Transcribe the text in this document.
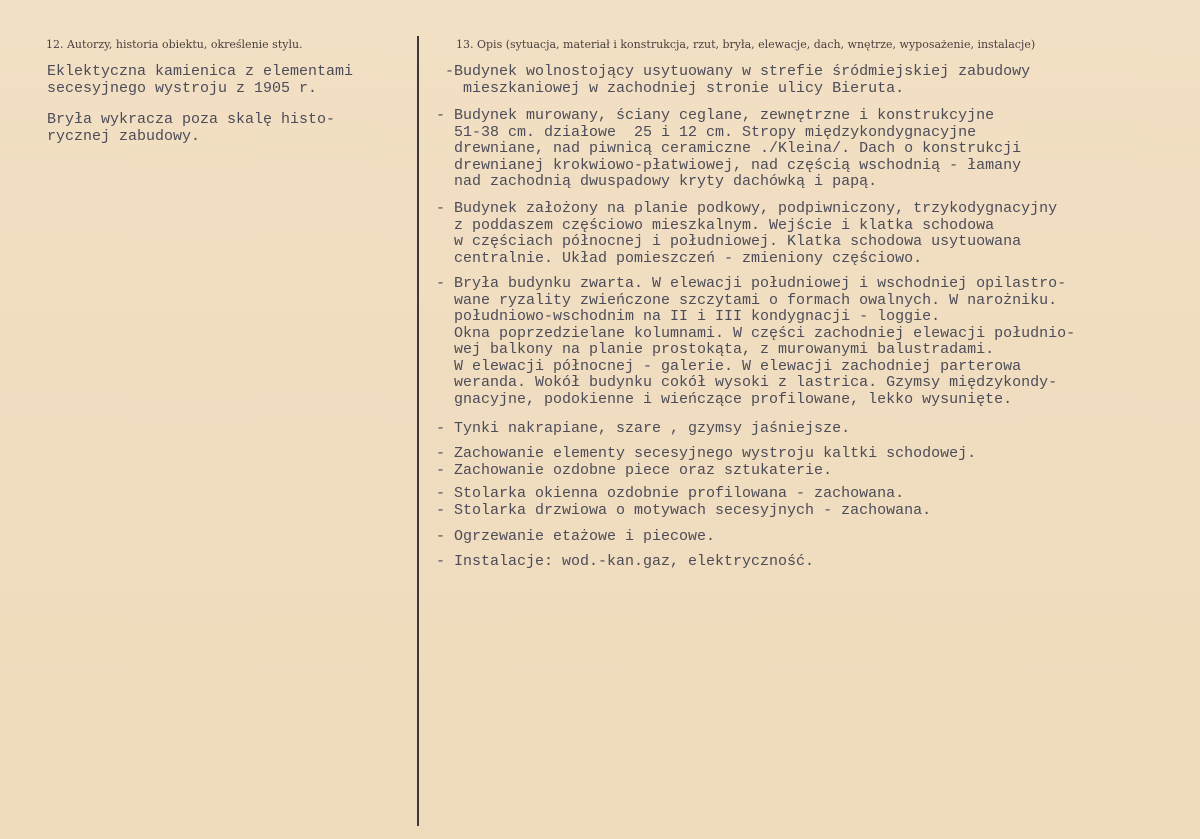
12. Autorzy, historia obiektu, określenie stylu.	13. Opis (sytuacja, materiał i konstrukcja, rzut, bryła, elewacje, dach, wnętrze, wyposażenie, instalacje)

Eklektyczna kamienica z elementami
secesyjnego wystroju z 1905 r.

Bryła wykracza poza skalę histo-
rycznej zabudowy.

-Budynek wolnostojący usytuowany w strefie śródmiejskiej zabudowy
mieszkaniowej w zachodniej stronie ulicy Bieruta.

- Budynek murowany, ściany ceglane, zewnętrzne i konstrukcyjne
51-38 cm. działowe  25 i 12 cm. Stropy międzykondygnacyjne
drewniane, nad piwnicą ceramiczne ./Kleina/. Dach o konstrukcji
drewnianej krokwiowo-płatwiowej, nad częścią wschodnią - łamany
nad zachodnią dwuspadowy kryty dachówką i papą.

- Budynek założony na planie podkowy, podpiwniczony, trzykodygnacyjny
z poddaszem częściowo mieszkalnym. Wejście i klatka schodowa
w częściach północnej i południowej. Klatka schodowa usytuowana
centralnie. Układ pomieszczeń - zmieniony częściowo.

- Bryła budynku zwarta. W elewacji południowej i wschodniej opilastro-
wane ryzality zwieńczone szczytami o formach owalnych. W narożniku.
południowo-wschodnim na II i III kondygnacji - loggie.
Okna poprzedzielane kolumnami. W części zachodniej elewacji południo-
wej balkony na planie prostokąta, z murowanymi balustradami.
W elewacji północnej - galerie. W elewacji zachodniej parterowa
weranda. Wokół budynku cokół wysoki z lastrica. Gzymsy międzykondy-
gnacyjne, podokienne i wieńczące profilowane, lekko wysunięte.

- Tynki nakrapiane, szare , gzymsy jaśniejsze.

- Zachowanie elementy secesyjnego wystroju kaltki schodowej.
- Zachowanie ozdobne piece oraz sztukaterie.

- Stolarka okienna ozdobnie profilowana - zachowana.
- Stolarka drzwiowa o motywach secesyjnych - zachowana.

- Ogrzewanie etażowe i piecowe.

- Instalacje: wod.-kan.gaz, elektryczność.
